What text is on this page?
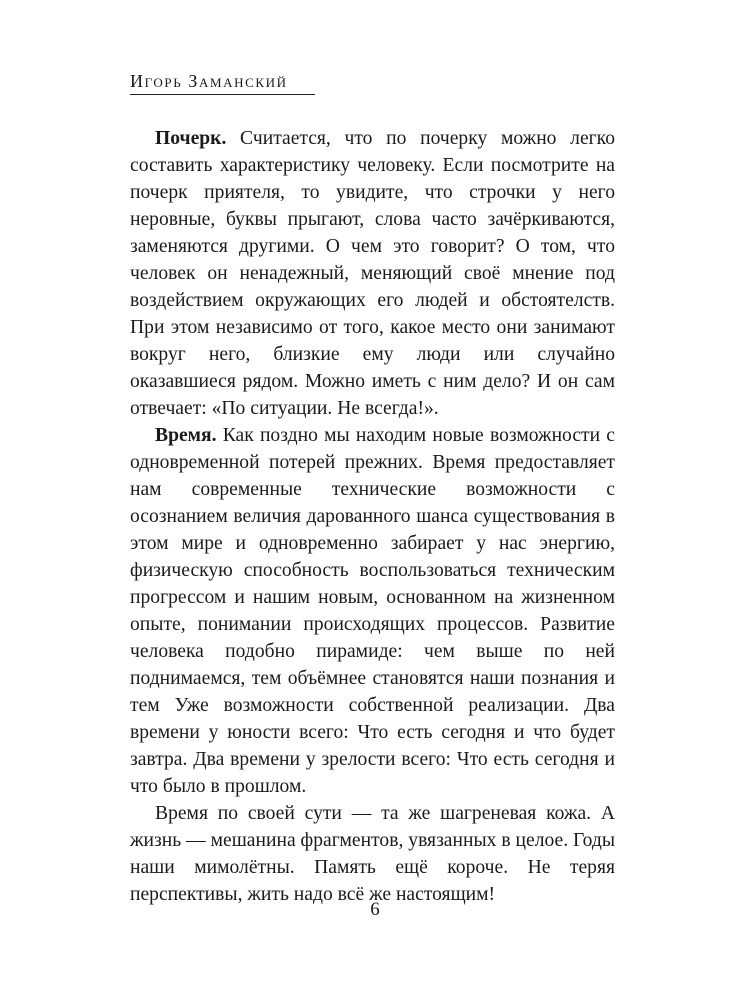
Игорь Заманский

Почерк. Считается, что по почерку можно легко составить характеристику человеку. Если посмотрите на почерк приятеля, то увидите, что строчки у него неровные, буквы прыгают, слова часто зачёркиваются, заменяются другими. О чем это говорит? О том, что человек он ненадежный, меняющий своё мнение под воздействием окружающих его людей и обстоятелств. При этом независимо от того, какое место они занимают вокруг него, близкие ему люди или случайно оказавшиеся рядом. Можно иметь с ним дело? И он сам отвечает: «По ситуации. Не всегда!».

Время. Как поздно мы находим новые возможности с одновременной потерей прежних. Время предоставляет нам современные технические возможности с осознанием величия дарованного шанса существования в этом мире и одновременно забирает у нас энергию, физическую способность воспользоваться техническим прогрессом и нашим новым, основанном на жизненном опыте, понимании происходящих процессов. Развитие человека подобно пирамиде: чем выше по ней поднимаемся, тем объёмнее становятся наши познания и тем Уже возможности собственной реализации. Два времени у юности всего: Что есть сегодня и что будет завтра. Два времени у зрелости всего: Что есть сегодня и что было в прошлом.

Время по своей сути — та же шагреневая кожа. А жизнь — мешанина фрагментов, увязанных в целое. Годы наши мимолётны. Память ещё короче. Не теряя перспективы, жить надо всё же настоящим!

6
